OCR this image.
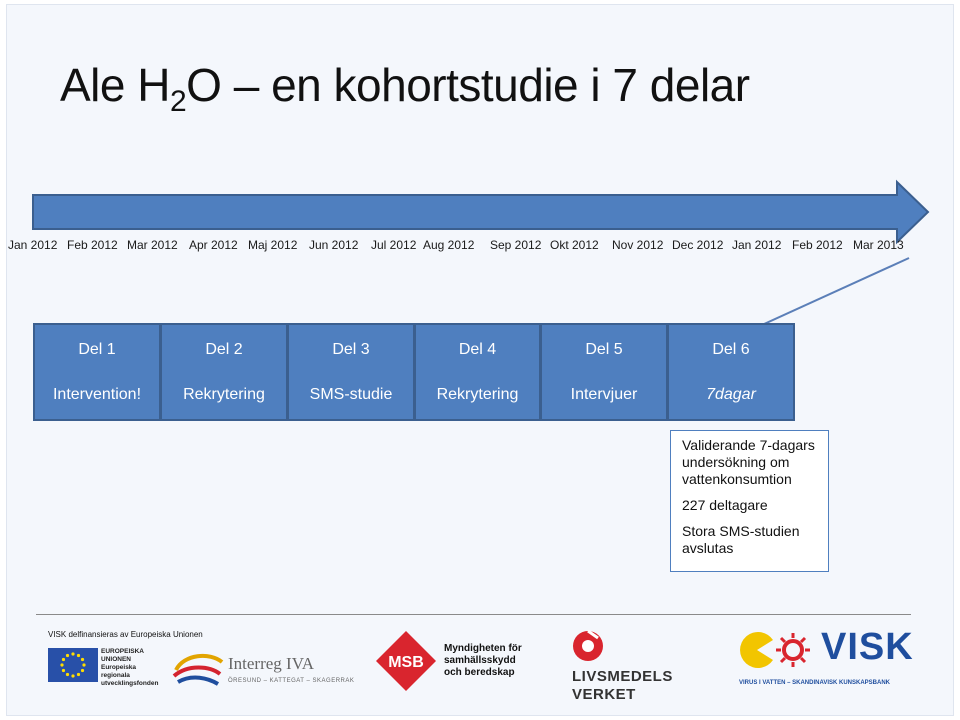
Ale $H_2O$ – en kohortstudie i 7 delar
Jan 2012 Feb 2012 Mar 2012 Apr 2012 Maj 2012 Jun 2012 Jul 2012 Aug 2012 Sep 2012 Okt 2012 Nov 2012 Dec 2012 Jan 2012 Feb 2012 Mar 2013
Del 1
Intervention!
Del 2
Rekrytering
Del 3
SMS-studie
Del 4
Rekrytering
Del 5
Intervjuer
Del 6
7dagar

Validerande 7-dagars undersökning om vattenkonsumtion

227 deltagare

Stora SMS-studien avslutas

VISK delfinansieras av Europeiska Unionen
EUROPEISKA UNIONEN Europeiska regionala utvecklingsfonden
Interreg IVA
ÖRESUND – KATTEGAT – SKAGERRAK
MSB
Myndigheten för samhällsskydd och beredskap	LIVSMEDELS VERKET
VISK
VIRUS I VATTEN – SKANDINAVISK KUNSKAPSBANK
